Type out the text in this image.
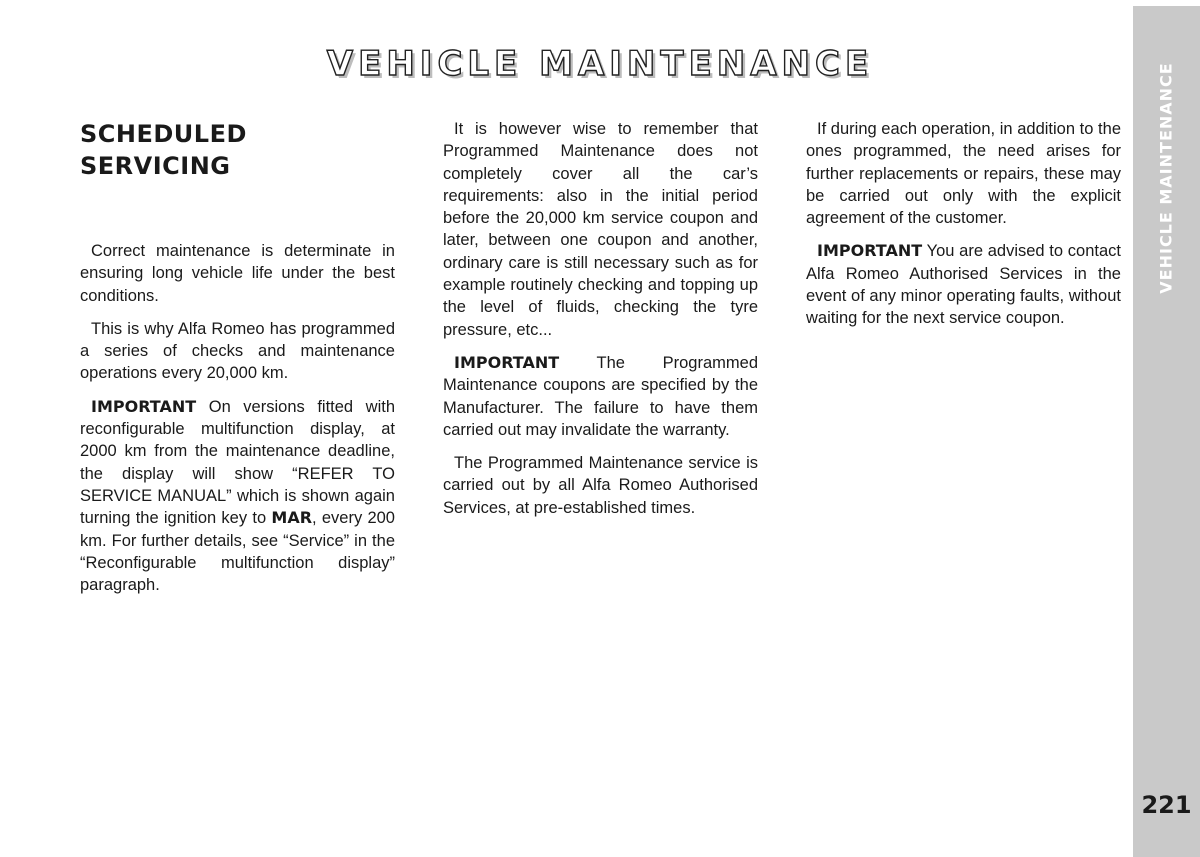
VEHICLE MAINTENANCE	VEHICLE MAINTENANCE
221
SCHEDULED
SERVICING

Correct maintenance is determinate in ensuring long vehicle life under the best conditions.

This is why Alfa Romeo has programmed a series of checks and maintenance operations every 20,000 km.

IMPORTANT On versions fitted with reconfigurable multifunction display, at 2000 km from the maintenance deadline, the display will show “REFER TO SERVICE MANUAL” which is shown again turning the ignition key to MAR, every 200 km. For further details, see “Service” in the “Reconfigurable multifunction display” paragraph.

It is however wise to remember that Programmed Maintenance does not completely cover all the car’s requirements: also in the initial period before the 20,000 km service coupon and later, between one coupon and another, ordinary care is still necessary such as for example routinely checking and topping up the level of fluids, checking the tyre pressure, etc...

IMPORTANT The Programmed Maintenance coupons are specified by the Manufacturer. The failure to have them carried out may invalidate the warranty.

The Programmed Maintenance service is carried out by all Alfa Romeo Authorised Services, at pre-established times.

If during each operation, in addition to the ones programmed, the need arises for further replacements or repairs, these may be carried out only with the explicit agreement of the customer.

IMPORTANT You are advised to contact Alfa Romeo Authorised Services in the event of any minor operating faults, without waiting for the next service coupon.
